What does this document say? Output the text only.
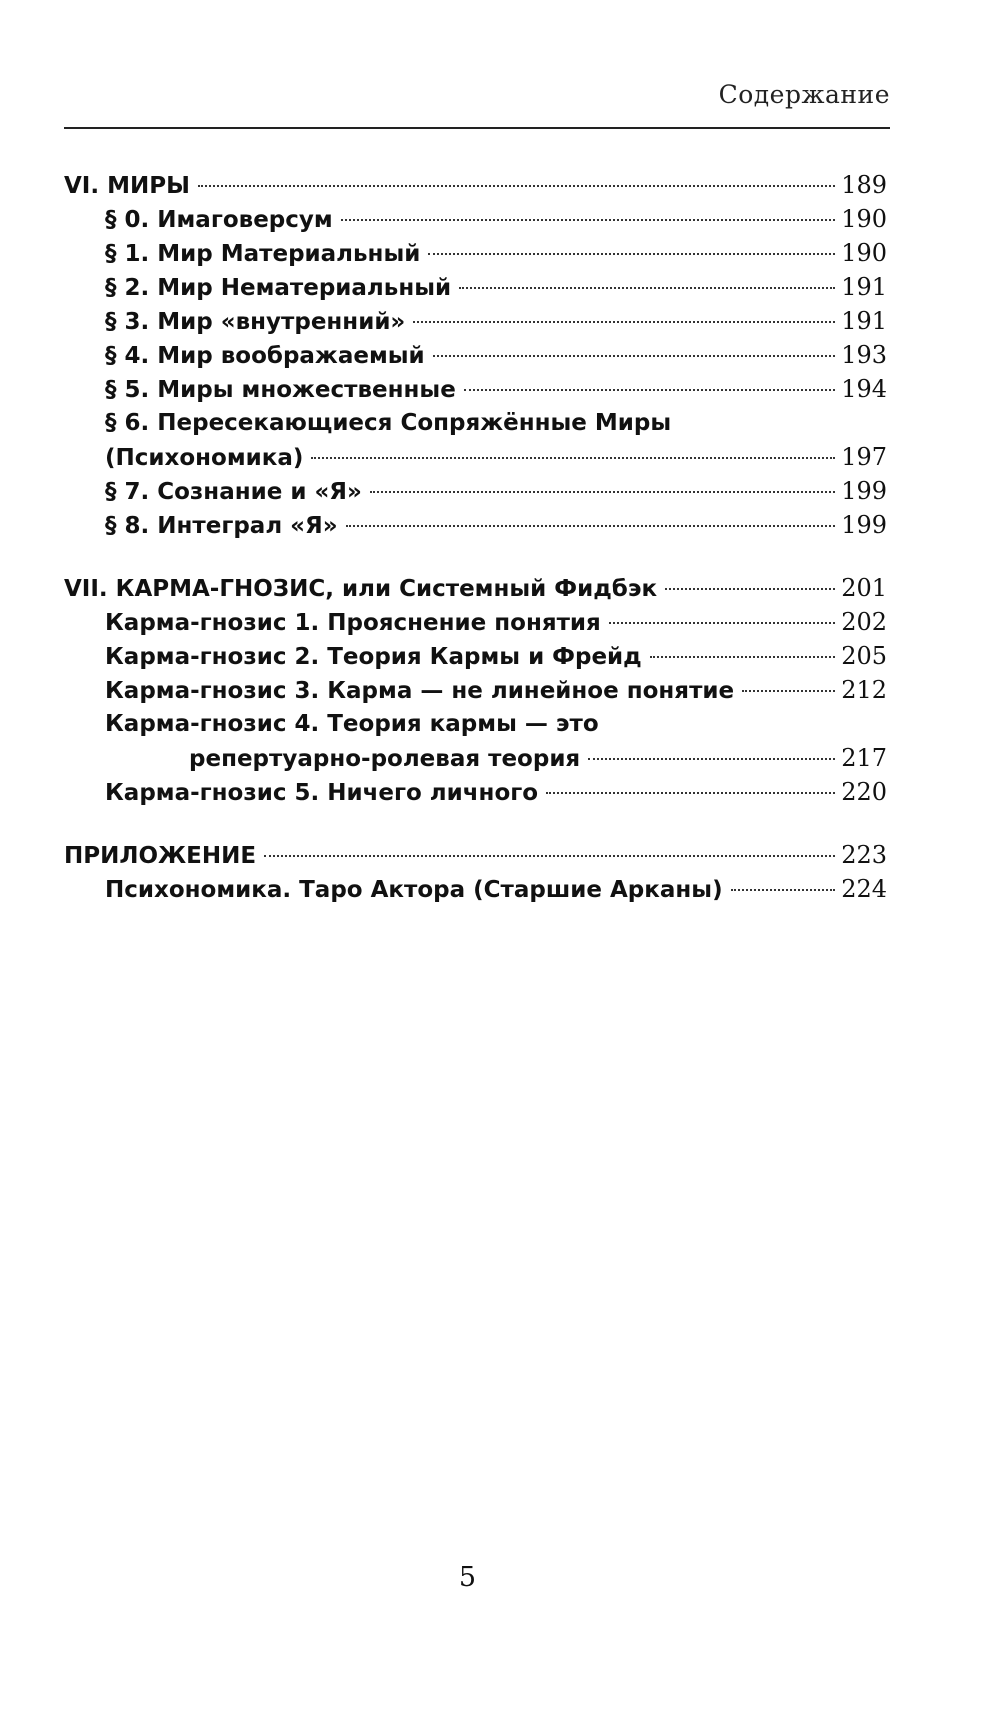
Содержание
VI. МИРЫ	189
§ 0. Имаговерсум	190
§ 1. Мир Материальный	190
§ 2. Мир Нематериальный	191
§ 3. Мир «внутренний»	191
§ 4. Мир воображаемый	193
§ 5. Миры множественные	194
§ 6. Пересекающиеся Сопряжённые Миры
(Психономика)	197
§ 7. Сознание и «Я»	199
§ 8. Интеграл «Я»	199
VII. КАРМА-ГНОЗИС, или Системный Фидбэк	201
Карма-гнозис 1. Прояснение понятия	202
Карма-гнозис 2. Теория Кармы и Фрейд	205
Карма-гнозис 3. Карма — не линейное понятие	212
Карма-гнозис 4. Теория кармы — это
репертуарно-ролевая теория	217
Карма-гнозис 5. Ничего личного	220
ПРИЛОЖЕНИЕ	223
Психономика. Таро Актора (Старшие Арканы)	224
5
